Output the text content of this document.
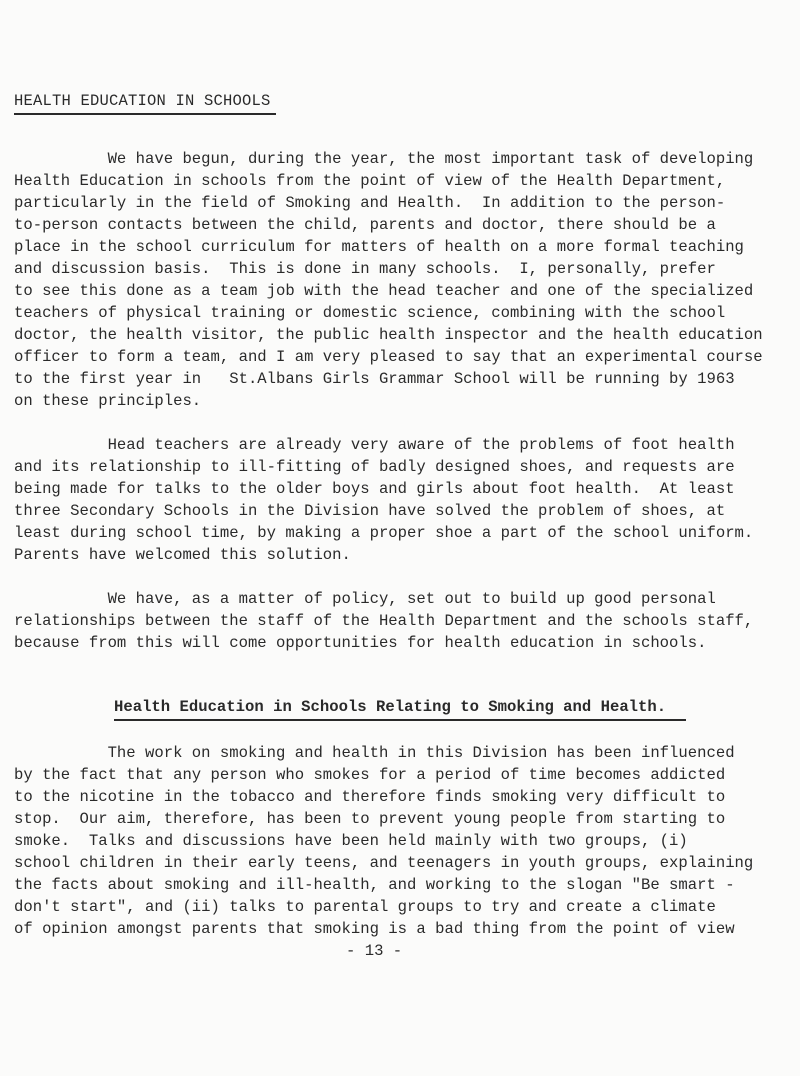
HEALTH EDUCATION IN SCHOOLS

We have begun, during the year, the most important task of developing

Health Education in schools from the point of view of the Health Department,

particularly in the field of Smoking and Health.  In addition to the person-

to-person contacts between the child, parents and doctor, there should be a

place in the school curriculum for matters of health on a more formal teaching

and discussion basis.  This is done in many schools.  I, personally, prefer

to see this done as a team job with the head teacher and one of the specialized

teachers of physical training or domestic science, combining with the school

doctor, the health visitor, the public health inspector and the health education

officer to form a team, and I am very pleased to say that an experimental course

to the first year in   St.Albans Girls Grammar School will be running by 1963

on these principles.

Head teachers are already very aware of the problems of foot health

and its relationship to ill-fitting of badly designed shoes, and requests are

being made for talks to the older boys and girls about foot health.  At least

three Secondary Schools in the Division have solved the problem of shoes, at

least during school time, by making a proper shoe a part of the school uniform.

Parents have welcomed this solution.

We have, as a matter of policy, set out to build up good personal

relationships between the staff of the Health Department and the schools staff,

because from this will come opportunities for health education in schools.

Health Education in Schools Relating to Smoking and Health.

The work on smoking and health in this Division has been influenced

by the fact that any person who smokes for a period of time becomes addicted

to the nicotine in the tobacco and therefore finds smoking very difficult to

stop.  Our aim, therefore, has been to prevent young people from starting to

smoke.  Talks and discussions have been held mainly with two groups, (i)

school children in their early teens, and teenagers in youth groups, explaining

the facts about smoking and ill-health, and working to the slogan "Be smart -

don't start", and (ii) talks to parental groups to try and create a climate

of opinion amongst parents that smoking is a bad thing from the point of view

- 13 -
